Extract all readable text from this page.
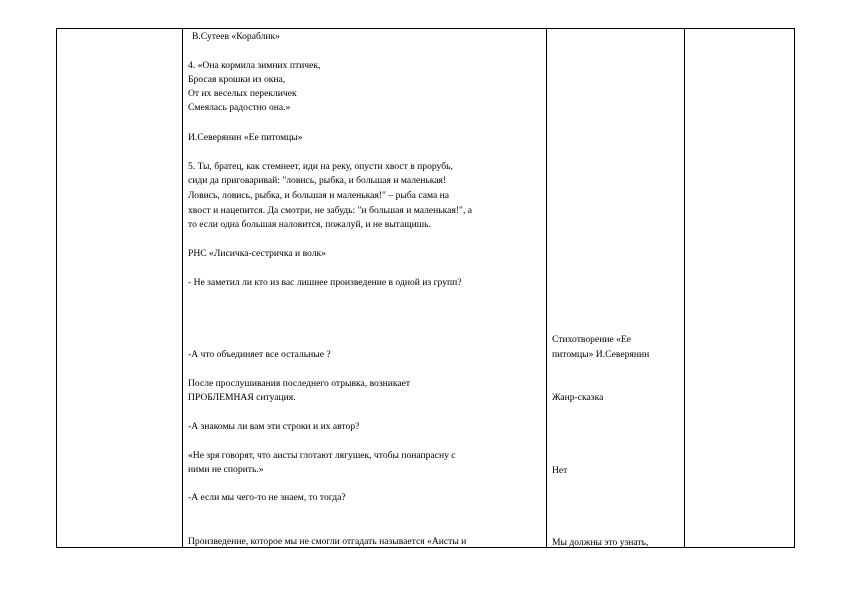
В.Сутеев «Кораблик»
4. «Она кормила зимних птичек,
Бросая крошки из окна,
От их веселых перекличек
Смеялась радостно она.»
И.Северянин «Ее питомцы»
5. Ты, братец, как стемнеет, иди на реку, опусти хвост в прорубь,
сиди да приговаривай: "ловись, рыбка, и большая и маленькая!
Ловись, ловись, рыбка, и большая и маленькая!" – рыба сама на
хвост и нацепится. Да смотри, не забудь: "и большая и маленькая!", а
то если одна большая наловится, пожалуй, и не вытащишь.
РНС «Лисичка-сестричка и волк»
- Не заметил ли кто из вас лишнее произведение в одной из групп?
-А что объединяет все остальные ?
После прослушивания последнего отрывка, возникает
ПРОБЛЕМНАЯ ситуация.
-А знакомы ли вам эти строки и их автор?
«Не зря говорят, что аисты глотают лягушек, чтобы понапрасну с
ними не спорить.»
-А если мы чего-то не знаем, то тогда?
Произведение, которое мы не смогли отгадать называется «Аисты и
Стихотворение «Ее
питомцы» И.Северянин
Жанр-сказка
Нет
Мы должны это узнать,
